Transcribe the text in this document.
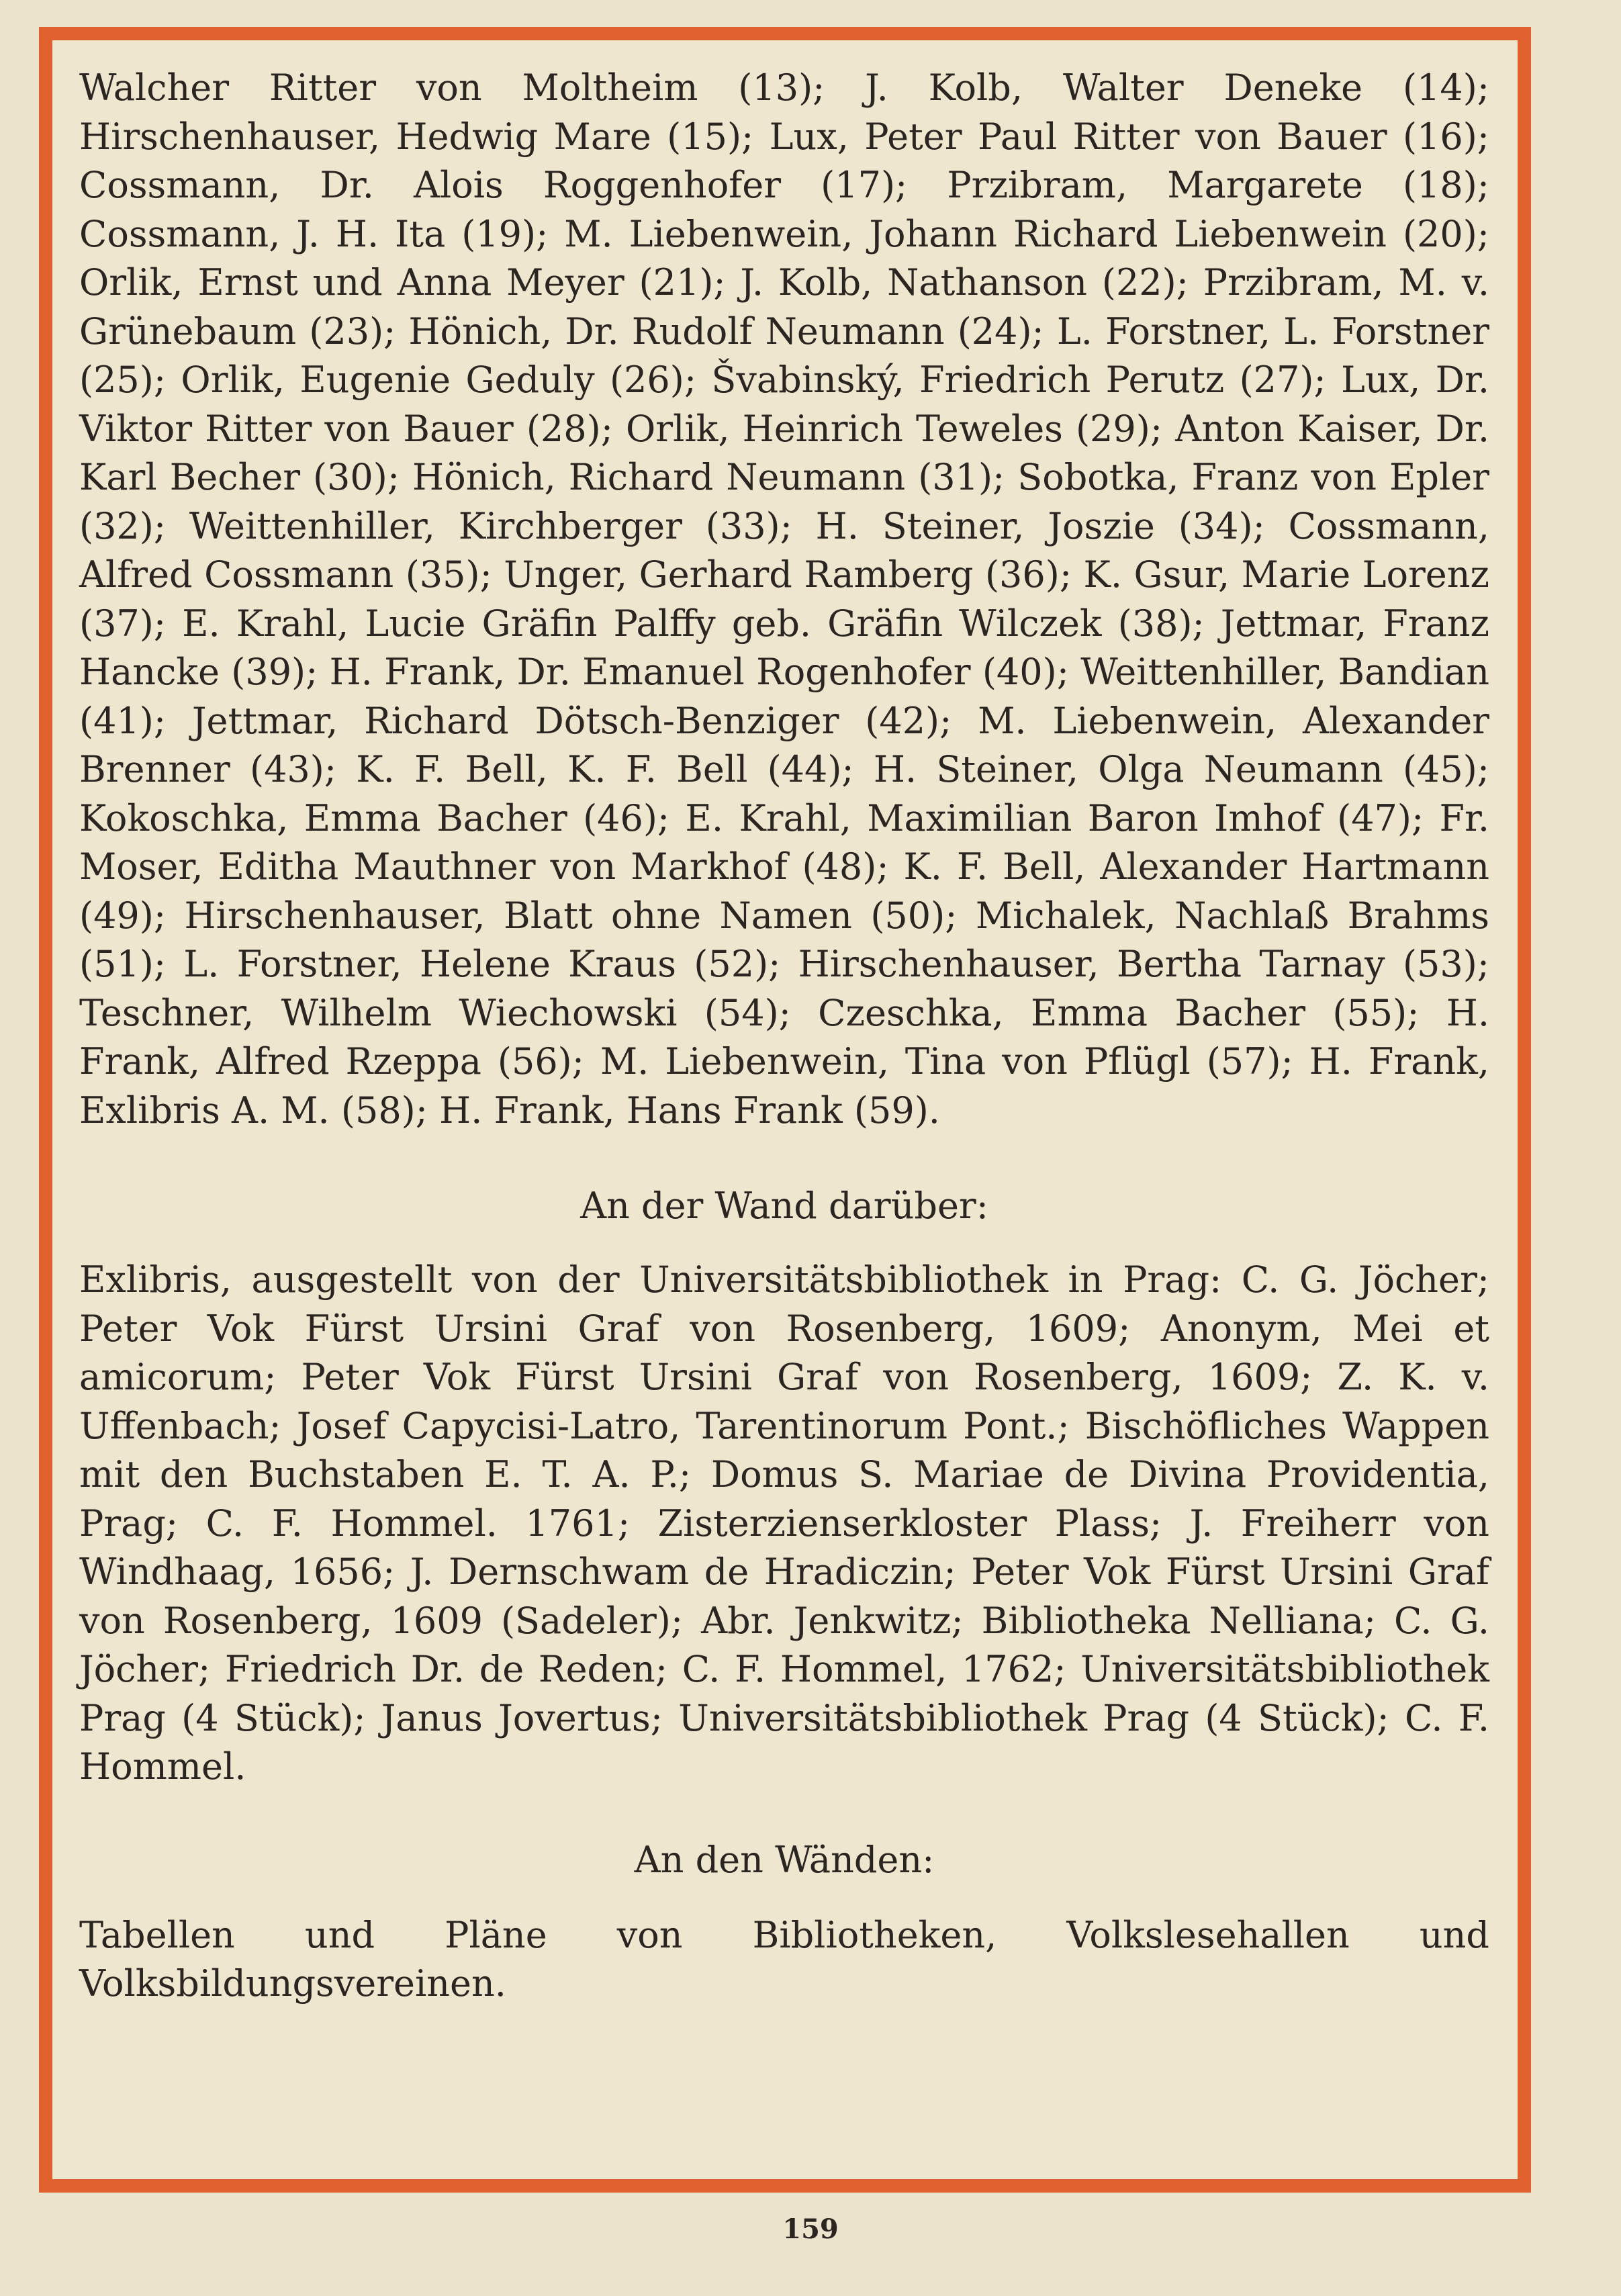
Walcher Ritter von Moltheim (13); J. Kolb, Walter Deneke (14); Hirschenhauser, Hedwig Mare (15); Lux, Peter Paul Ritter von Bauer (16); Cossmann, Dr. Alois Roggenhofer (17); Przibram, Margarete (18); Cossmann, J. H. Ita (19); M. Liebenwein, Johann Richard Liebenwein (20); Orlik, Ernst und Anna Meyer (21); J. Kolb, Nathanson (22); Przibram, M. v. Grünebaum (23); Hönich, Dr. Rudolf Neumann (24); L. Forstner, L. Forstner (25); Orlik, Eugenie Geduly (26); Švabinský, Friedrich Perutz (27); Lux, Dr. Viktor Ritter von Bauer (28); Orlik, Heinrich Teweles (29); Anton Kaiser, Dr. Karl Becher (30); Hönich, Richard Neumann (31); Sobotka, Franz von Epler (32); Weittenhiller, Kirchberger (33); H. Steiner, Joszie (34); Cossmann, Alfred Cossmann (35); Unger, Gerhard Ramberg (36); K. Gsur, Marie Lorenz (37); E. Krahl, Lucie Gräfin Palffy geb. Gräfin Wilczek (38); Jettmar, Franz Hancke (39); H. Frank, Dr. Emanuel Rogenhofer (40); Weittenhiller, Bandian (41); Jettmar, Richard Dötsch-Benziger (42); M. Liebenwein, Alexander Brenner (43); K. F. Bell, K. F. Bell (44); H. Steiner, Olga Neumann (45); Kokoschka, Emma Bacher (46); E. Krahl, Maximilian Baron Imhof (47); Fr. Moser, Editha Mauthner von Markhof (48); K. F. Bell, Alexander Hartmann (49); Hirschenhauser, Blatt ohne Namen (50); Michalek, Nachlaß Brahms (51); L. Forstner, Helene Kraus (52); Hirschenhauser, Bertha Tarnay (53); Teschner, Wilhelm Wiechowski (54); Czeschka, Emma Bacher (55); H. Frank, Alfred Rzeppa (56); M. Liebenwein, Tina von Pflügl (57); H. Frank, Exlibris A. M. (58); H. Frank, Hans Frank (59).

An der Wand darüber:

Exlibris, ausgestellt von der Universitätsbibliothek in Prag: C. G. Jöcher; Peter Vok Fürst Ursini Graf von Rosenberg, 1609; Anonym, Mei et amicorum; Peter Vok Fürst Ursini Graf von Rosenberg, 1609; Z. K. v. Uffenbach; Josef Capycisi-Latro, Tarentinorum Pont.; Bischöfliches Wappen mit den Buchstaben E. T. A. P.; Domus S. Mariae de Divina Providentia, Prag; C. F. Hommel. 1761; Zisterzienserkloster Plass; J. Freiherr von Windhaag, 1656; J. Dernschwam de Hradiczin; Peter Vok Fürst Ursini Graf von Rosenberg, 1609 (Sadeler); Abr. Jenkwitz; Bibliotheka Nelliana; C. G. Jöcher; Friedrich Dr. de Reden; C. F. Hommel, 1762; Universitätsbibliothek Prag (4 Stück); Janus Jovertus; Universitätsbibliothek Prag (4 Stück); C. F. Hommel.

An den Wänden:

Tabellen und Pläne von Bibliotheken, Volkslesehallen und Volksbildungsvereinen.

159
